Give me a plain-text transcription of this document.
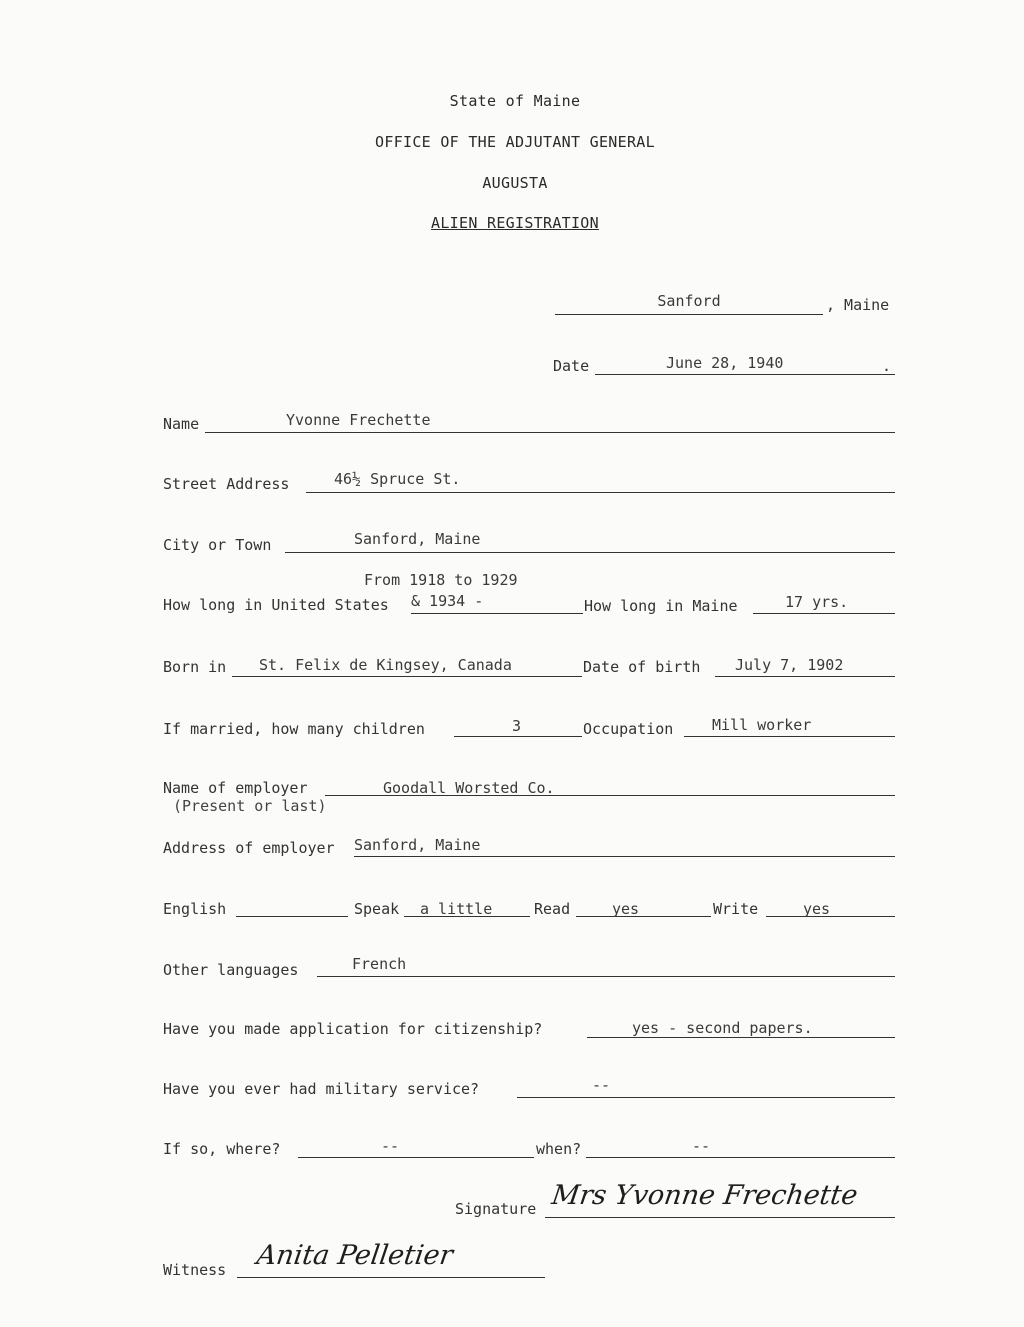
State of Maine
OFFICE OF THE ADJUTANT GENERAL
AUGUSTA
ALIEN REGISTRATION
Sanford	, Maine
Date	June 28, 1940	.
Name	Yvonne Frechette
Street Address	46½ Spruce St.
City or Town	Sanford, Maine
From 1918 to 1929
How long in United States & 1934 -	How long in Maine	17 yrs.
Born in St. Felix de Kingsey, Canada	Date of birth July 7, 1902
If married, how many children	3	Occupation	Mill worker
Name of employer	Goodall Worsted Co.
(Present or last)
Address of employer Sanford, Maine
English	Speak a little	Read	yes	Write	yes
Other languages	French
Have you made application for citizenship?	yes - second papers.
Have you ever had military service?	--
If so, where?	--	when?	--
Signature Mrs Yvonne Frechette
Witness Anita Pelletier
